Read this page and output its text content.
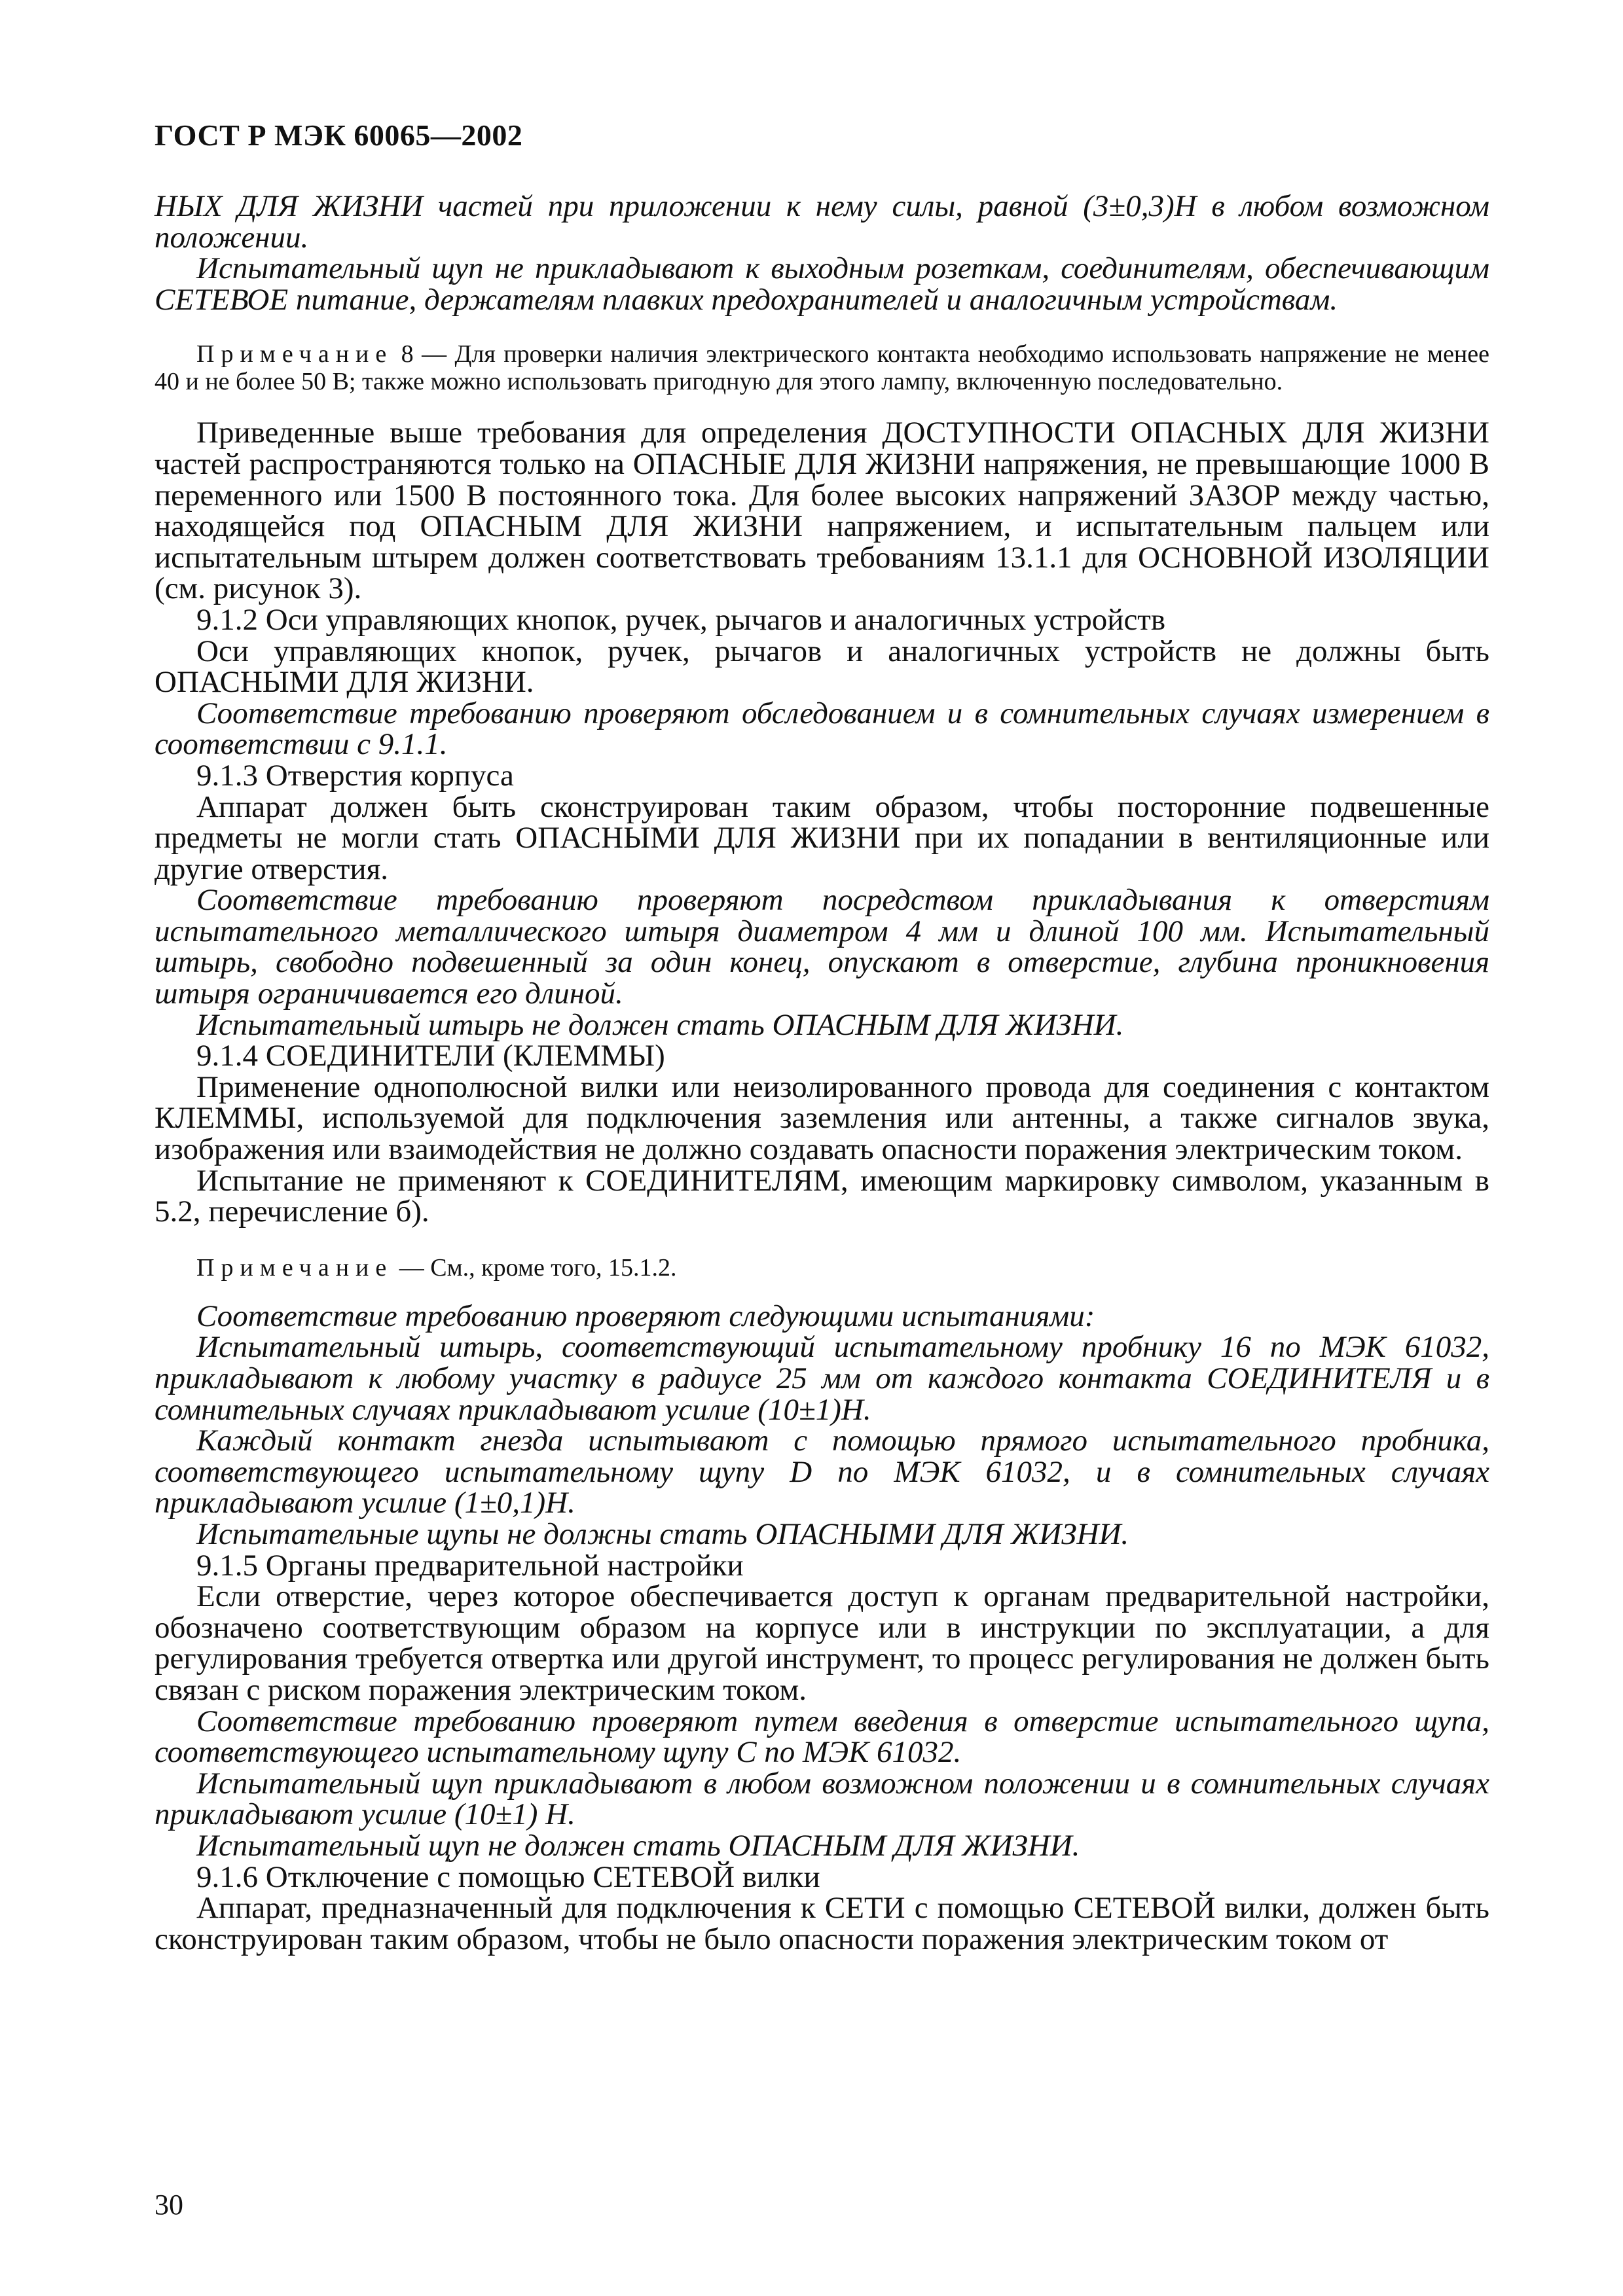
ГОСТ Р МЭК 60065—2002

НЫХ ДЛЯ ЖИЗНИ частей при приложении к нему силы, равной (3±0,3)Н в любом возможном положении.

Испытательный щуп не прикладывают к выходным розеткам, соединителям, обеспечивающим СЕТЕВОЕ питание, держателям плавких предохранителей и аналогичным устройствам.

Примечание 8 — Для проверки наличия электрического контакта необходимо использовать напряжение не менее 40 и не более 50 В; также можно использовать пригодную для этого лампу, включенную последовательно.

Приведенные выше требования для определения ДОСТУПНОСТИ ОПАСНЫХ ДЛЯ ЖИЗНИ частей распространяются только на ОПАСНЫЕ ДЛЯ ЖИЗНИ напряжения, не превышающие 1000 В переменного или 1500 В постоянного тока. Для более высоких напряжений ЗАЗОР между частью, находящейся под ОПАСНЫМ ДЛЯ ЖИЗНИ напряжением, и испытательным пальцем или испытательным штырем должен соответствовать требованиям 13.1.1 для ОСНОВНОЙ ИЗОЛЯЦИИ (см. рисунок 3).

9.1.2 Оси управляющих кнопок, ручек, рычагов и аналогичных устройств

Оси управляющих кнопок, ручек, рычагов и аналогичных устройств не должны быть ОПАСНЫМИ ДЛЯ ЖИЗНИ.

Соответствие требованию проверяют обследованием и в сомнительных случаях измерением в соответствии с 9.1.1.

9.1.3 Отверстия корпуса

Аппарат должен быть сконструирован таким образом, чтобы посторонние подвешенные предметы не могли стать ОПАСНЫМИ ДЛЯ ЖИЗНИ при их попадании в вентиляционные или другие отверстия.

Соответствие требованию проверяют посредством прикладывания к отверстиям испытательного металлического штыря диаметром 4 мм и длиной 100 мм. Испытательный штырь, свободно подвешенный за один конец, опускают в отверстие, глубина проникновения штыря ограничивается его длиной.

Испытательный штырь не должен стать ОПАСНЫМ ДЛЯ ЖИЗНИ.

9.1.4 СОЕДИНИТЕЛИ (КЛЕММЫ)

Применение однополюсной вилки или неизолированного провода для соединения с контактом КЛЕММЫ, используемой для подключения заземления или антенны, а также сигналов звука, изображения или взаимодействия не должно создавать опасности поражения электрическим током.

Испытание не применяют к СОЕДИНИТЕЛЯМ, имеющим маркировку символом, указанным в 5.2, перечисление б).

Примечание — См., кроме того, 15.1.2.

Соответствие требованию проверяют следующими испытаниями:

Испытательный штырь, соответствующий испытательному пробнику 16 по МЭК 61032, прикладывают к любому участку в радиусе 25 мм от каждого контакта СОЕДИНИТЕЛЯ и в сомнительных случаях прикладывают усилие (10±1)Н.

Каждый контакт гнезда испытывают с помощью прямого испытательного пробника, соответствующего испытательному щупу D по МЭК 61032, и в сомнительных случаях прикладывают усилие (1±0,1)Н.

Испытательные щупы не должны стать ОПАСНЫМИ ДЛЯ ЖИЗНИ.

9.1.5 Органы предварительной настройки

Если отверстие, через которое обеспечивается доступ к органам предварительной настройки, обозначено соответствующим образом на корпусе или в инструкции по эксплуатации, а для регулирования требуется отвертка или другой инструмент, то процесс регулирования не должен быть связан с риском поражения электрическим током.

Соответствие требованию проверяют путем введения в отверстие испытательного щупа, соответствующего испытательному щупу С по МЭК 61032.

Испытательный щуп прикладывают в любом возможном положении и в сомнительных случаях прикладывают усилие (10±1) Н.

Испытательный щуп не должен стать ОПАСНЫМ ДЛЯ ЖИЗНИ.

9.1.6 Отключение с помощью СЕТЕВОЙ вилки

Аппарат, предназначенный для подключения к СЕТИ с помощью СЕТЕВОЙ вилки, должен быть сконструирован таким образом, чтобы не было опасности поражения электрическим током от

30
